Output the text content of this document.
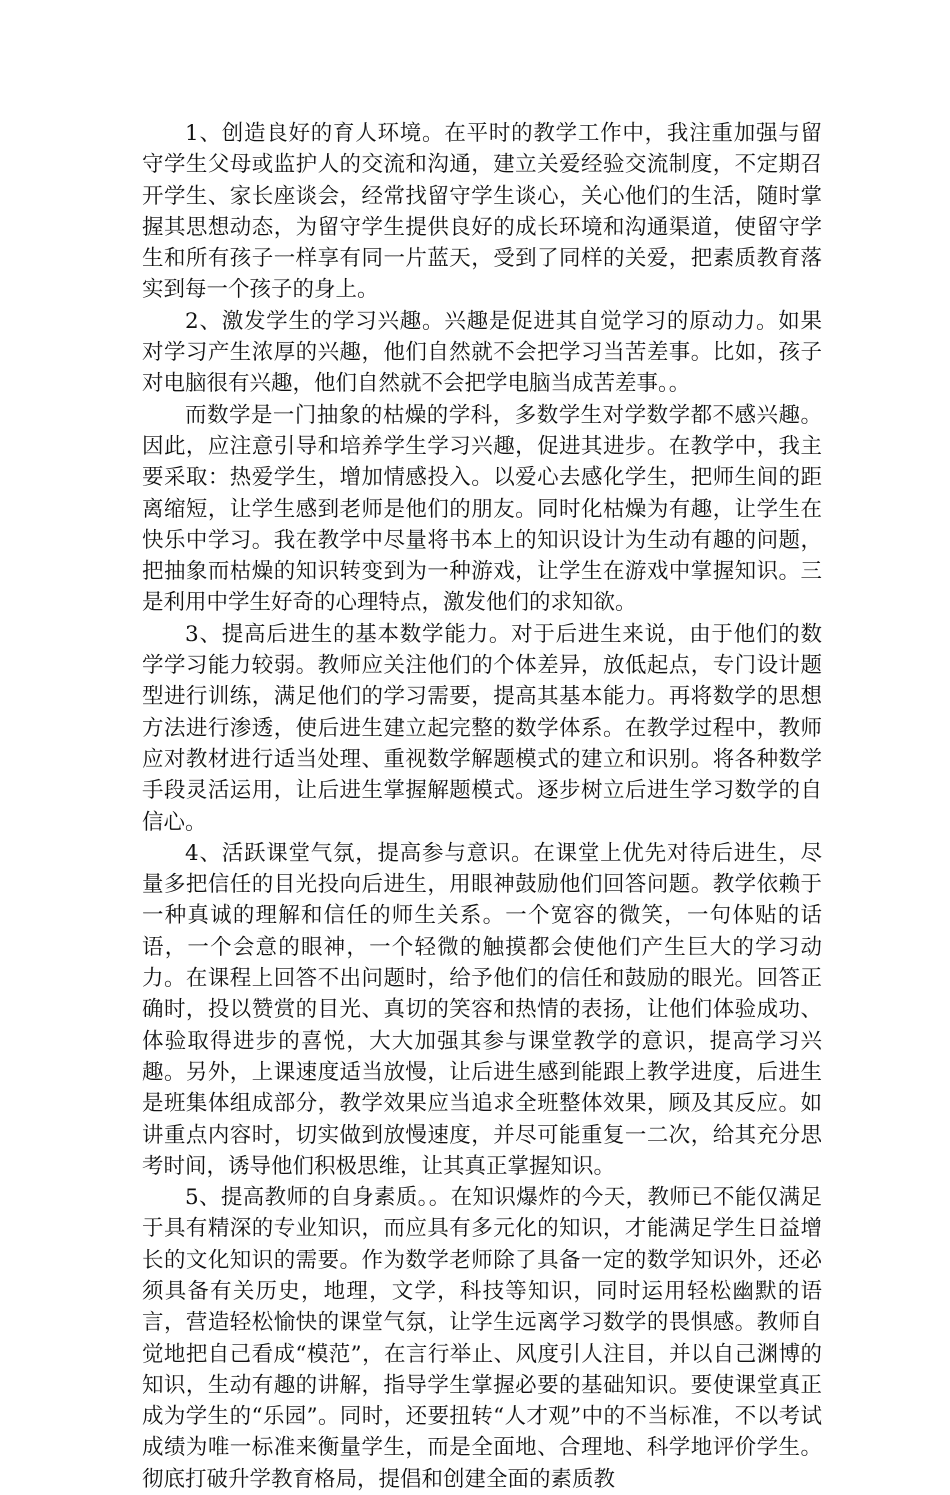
1、创造良好的育人环境。在平时的教学工作中，我注重加强与留守学生父母或监护人的交流和沟通，建立关爱经验交流制度，不定期召开学生、家长座谈会，经常找留守学生谈心，关心他们的生活，随时掌握其思想动态，为留守学生提供良好的成长环境和沟通渠道，使留守学生和所有孩子一样享有同一片蓝天，受到了同样的关爱，把素质教育落实到每一个孩子的身上。

2、激发学生的学习兴趣。兴趣是促进其自觉学习的原动力。如果对学习产生浓厚的兴趣，他们自然就不会把学习当苦差事。比如，孩子对电脑很有兴趣，他们自然就不会把学电脑当成苦差事。。

而数学是一门抽象的枯燥的学科，多数学生对学数学都不感兴趣。因此，应注意引导和培养学生学习兴趣，促进其进步。在教学中，我主要采取：热爱学生，增加情感投入。以爱心去感化学生，把师生间的距离缩短，让学生感到老师是他们的朋友。同时化枯燥为有趣，让学生在快乐中学习。我在教学中尽量将书本上的知识设计为生动有趣的问题，把抽象而枯燥的知识转变到为一种游戏，让学生在游戏中掌握知识。三是利用中学生好奇的心理特点，激发他们的求知欲。

3、提高后进生的基本数学能力。对于后进生来说，由于他们的数学学习能力较弱。教师应关注他们的个体差异，放低起点，专门设计题型进行训练，满足他们的学习需要，提高其基本能力。再将数学的思想方法进行渗透，使后进生建立起完整的数学体系。在教学过程中，教师应对教材进行适当处理、重视数学解题模式的建立和识别。将各种数学手段灵活运用，让后进生掌握解题模式。逐步树立后进生学习数学的自信心。

4、活跃课堂气氛，提高参与意识。在课堂上优先对待后进生，尽量多把信任的目光投向后进生，用眼神鼓励他们回答问题。教学依赖于一种真诚的理解和信任的师生关系。一个宽容的微笑，一句体贴的话语，一个会意的眼神，一个轻微的触摸都会使他们产生巨大的学习动力。在课程上回答不出问题时，给予他们的信任和鼓励的眼光。回答正确时，投以赞赏的目光、真切的笑容和热情的表扬，让他们体验成功、体验取得进步的喜悦，大大加强其参与课堂教学的意识，提高学习兴趣。另外，上课速度适当放慢，让后进生感到能跟上教学进度，后进生是班集体组成部分，教学效果应当追求全班整体效果，顾及其反应。如讲重点内容时，切实做到放慢速度，并尽可能重复一二次，给其充分思考时间，诱导他们积极思维，让其真正掌握知识。

5、提高教师的自身素质。。在知识爆炸的今天，教师已不能仅满足于具有精深的专业知识，而应具有多元化的知识，才能满足学生日益增长的文化知识的需要。作为数学老师除了具备一定的数学知识外，还必须具备有关历史，地理，文学，科技等知识，同时运用轻松幽默的语言，营造轻松愉快的课堂气氛，让学生远离学习数学的畏惧感。教师自觉地把自己看成“模范”，在言行举止、风度引人注目，并以自己渊博的知识，生动有趣的讲解，指导学生掌握必要的基础知识。要使课堂真正成为学生的“乐园”。同时，还要扭转“人才观”中的不当标准，不以考试成绩为唯一标准来衡量学生，而是全面地、合理地、科学地评价学生。彻底打破升学教育格局，提倡和创建全面的素质教
